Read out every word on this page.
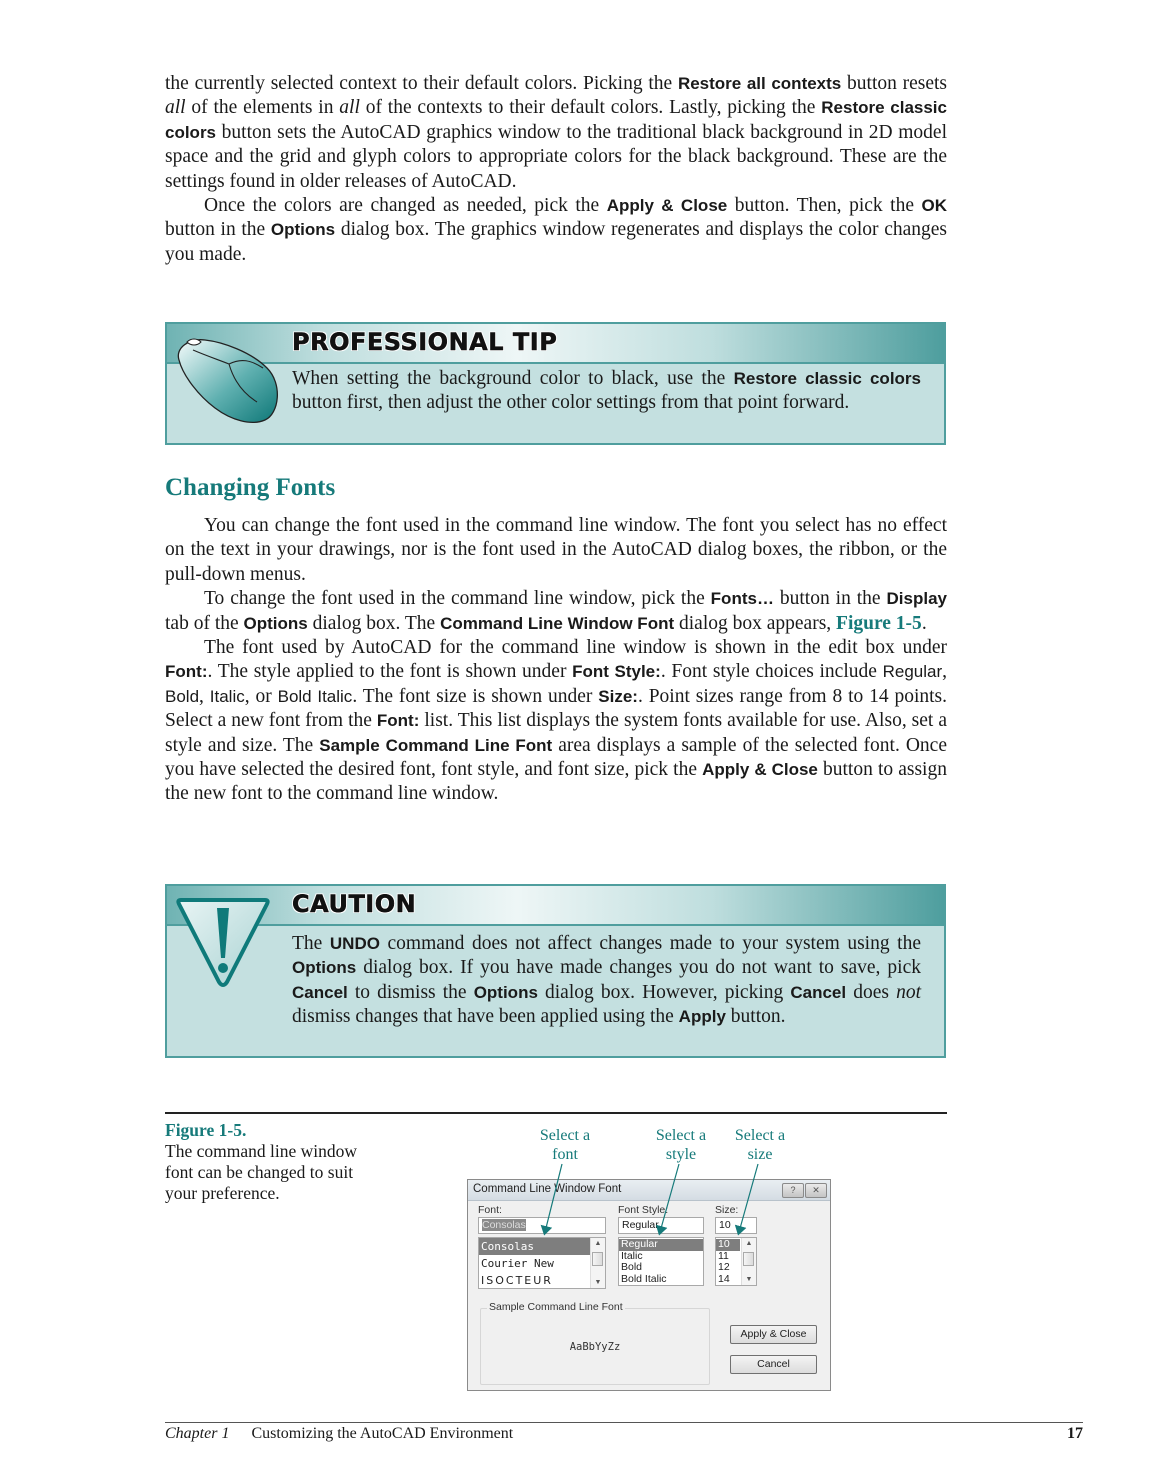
the currently selected context to their default colors. Picking the Restore all contexts button resets all of the elements in all of the contexts to their default colors. Lastly, picking the Restore classic colors button sets the AutoCAD graphics window to the traditional black background in 2D model space and the grid and glyph colors to appropriate colors for the black background. These are the settings found in older releases of AutoCAD.

Once the colors are changed as needed, pick the Apply & Close button. Then, pick the OK button in the Options dialog box. The graphics window regenerates and displays the color changes you made.

PROFESSIONAL TIP
When setting the background color to black, use the Restore classic colors button first, then adjust the other color settings from that point forward.
Changing Fonts

You can change the font used in the command line window. The font you select has no effect on the text in your drawings, nor is the font used in the AutoCAD dialog boxes, the ribbon, or the pull-down menus.

To change the font used in the command line window, pick the Fonts… button in the Display tab of the Options dialog box. The Command Line Window Font dialog box appears, Figure 1-5.

The font used by AutoCAD for the command line window is shown in the edit box under Font:. The style applied to the font is shown under Font Style:. Font style choices include Regular, Bold, Italic, or Bold Italic. The font size is shown under Size:. Point sizes range from 8 to 14 points. Select a new font from the Font: list. This list displays the system fonts available for use. Also, set a style and size. The Sample Command Line Font area displays a sample of the selected font. Once you have selected the desired font, font style, and font size, pick the Apply & Close button to assign the new font to the command line window.

CAUTION
The UNDO command does not affect changes made to your system using the Options dialog box. If you have made changes you do not want to save, pick Cancel to dismiss the Options dialog box. However, picking Cancel does not dismiss changes that have been applied using the Apply button.
Figure 1-5.
The command line window font can be changed to suit your preference.
Select a
font
Select a
style
Select a
size
Command Line Window Font	?	✕
Font:
Consolas
Consolas
Courier New
ISOCTEUR
▲
▼
Font Style:
Regular
Regular
Italic
Bold
Bold Italic
Size:
10
10
11
12
14
▲
▼
Sample Command Line Font
AaBbYyZz
Apply & Close
Cancel
Chapter 1 Customizing the AutoCAD Environment	17
